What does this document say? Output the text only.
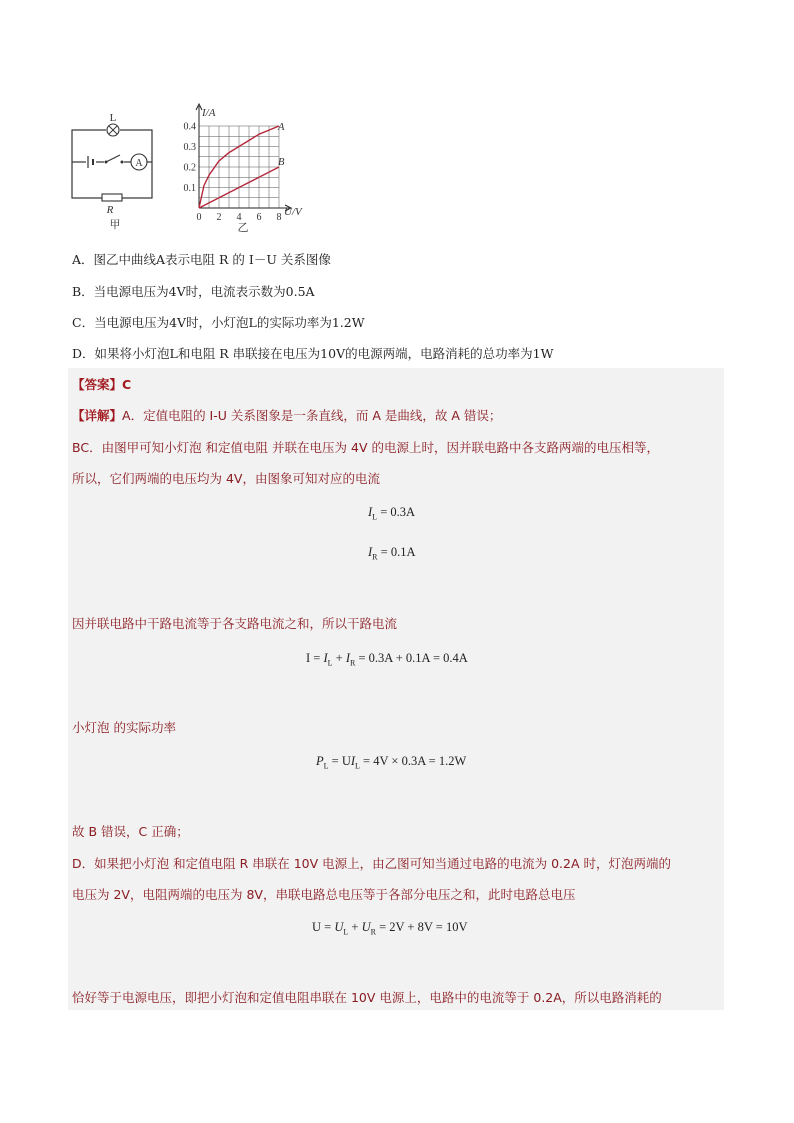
A
L
R
甲
0.4
0.3
0.2
0.1
0 2 4 6 8
I/A
U/V
A
B
乙
A．图乙中曲线A表示电阻 R 的 I－U 关系图像
B．当电源电压为4V时，电流表示数为0.5A
C．当电源电压为4V时，小灯泡L的实际功率为1.2W
D．如果将小灯泡L和电阻 R 串联接在电压为10V的电源两端，电路消耗的总功率为1W
【答案】C
【详解】A．定值电阻的 I-U 关系图象是一条直线，而 A 是曲线，故 A 错误；
BC．由图甲可知小灯泡 和定值电阻 并联在电压为 4V 的电源上时，因并联电路中各支路两端的电压相等，
所以，它们两端的电压均为 4V，由图象可知对应的电流
$I_L = 0.3A$
$I_R = 0.1A$
因并联电路中干路电流等于各支路电流之和，所以干路电流
$I = I_L + I_R = 0.3A + 0.1A = 0.4A$
小灯泡 的实际功率
$P_L = UI_L = 4V \times 0.3A = 1.2W$
故 B 错误，C 正确；
D．如果把小灯泡 和定值电阻 R 串联在 10V 电源上，由乙图可知当通过电路的电流为 0.2A 时，灯泡两端的
电压为 2V，电阻两端的电压为 8V，串联电路总电压等于各部分电压之和，此时电路总电压
$U = U_L + U_R = 2V + 8V = 10V$
恰好等于电源电压，即把小灯泡和定值电阻串联在 10V 电源上，电路中的电流等于 0.2A，所以电路消耗的
